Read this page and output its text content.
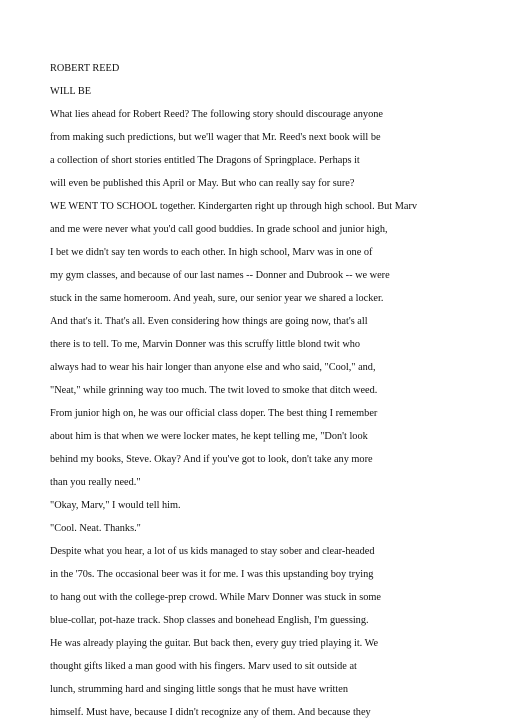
ROBERT REED

WILL BE

What lies ahead for Robert Reed? The following story should discourage anyone

from making such predictions, but we'll wager that Mr. Reed's next book will be

a collection of short stories entitled The Dragons of Springplace. Perhaps it

will even be published this April or May. But who can really say for sure?

WE WENT TO SCHOOL together. Kindergarten right up through high school. But Marv

and me were never what you'd call good buddies. In grade school and junior high,

I bet we didn't say ten words to each other. In high school, Marv was in one of

my gym classes, and because of our last names -- Donner and Dubrook -- we were

stuck in the same homeroom. And yeah, sure, our senior year we shared a locker.

And that's it. That's all. Even considering how things are going now, that's all

there is to tell. To me, Marvin Donner was this scruffy little blond twit who

always had to wear his hair longer than anyone else and who said, "Cool," and,

"Neat," while grinning way too much. The twit loved to smoke that ditch weed.

From junior high on, he was our official class doper. The best thing I remember

about him is that when we were locker mates, he kept telling me, "Don't look

behind my books, Steve. Okay? And if you've got to look, don't take any more

than you really need."

"Okay, Marv," I would tell him.

"Cool. Neat. Thanks."

Despite what you hear, a lot of us kids managed to stay sober and clear-headed

in the '70s. The occasional beer was it for me. I was this upstanding boy trying

to hang out with the college-prep crowd. While Marv Donner was stuck in some

blue-collar, pot-haze track. Shop classes and bonehead English, I'm guessing.

He was already playing the guitar. But back then, every guy tried playing it. We

thought gifts liked a man good with his fingers. Marv used to sit outside at

lunch, strumming hard and singing little songs that he must have written

himself. Must have, because I didn't recognize any of them. And because they
